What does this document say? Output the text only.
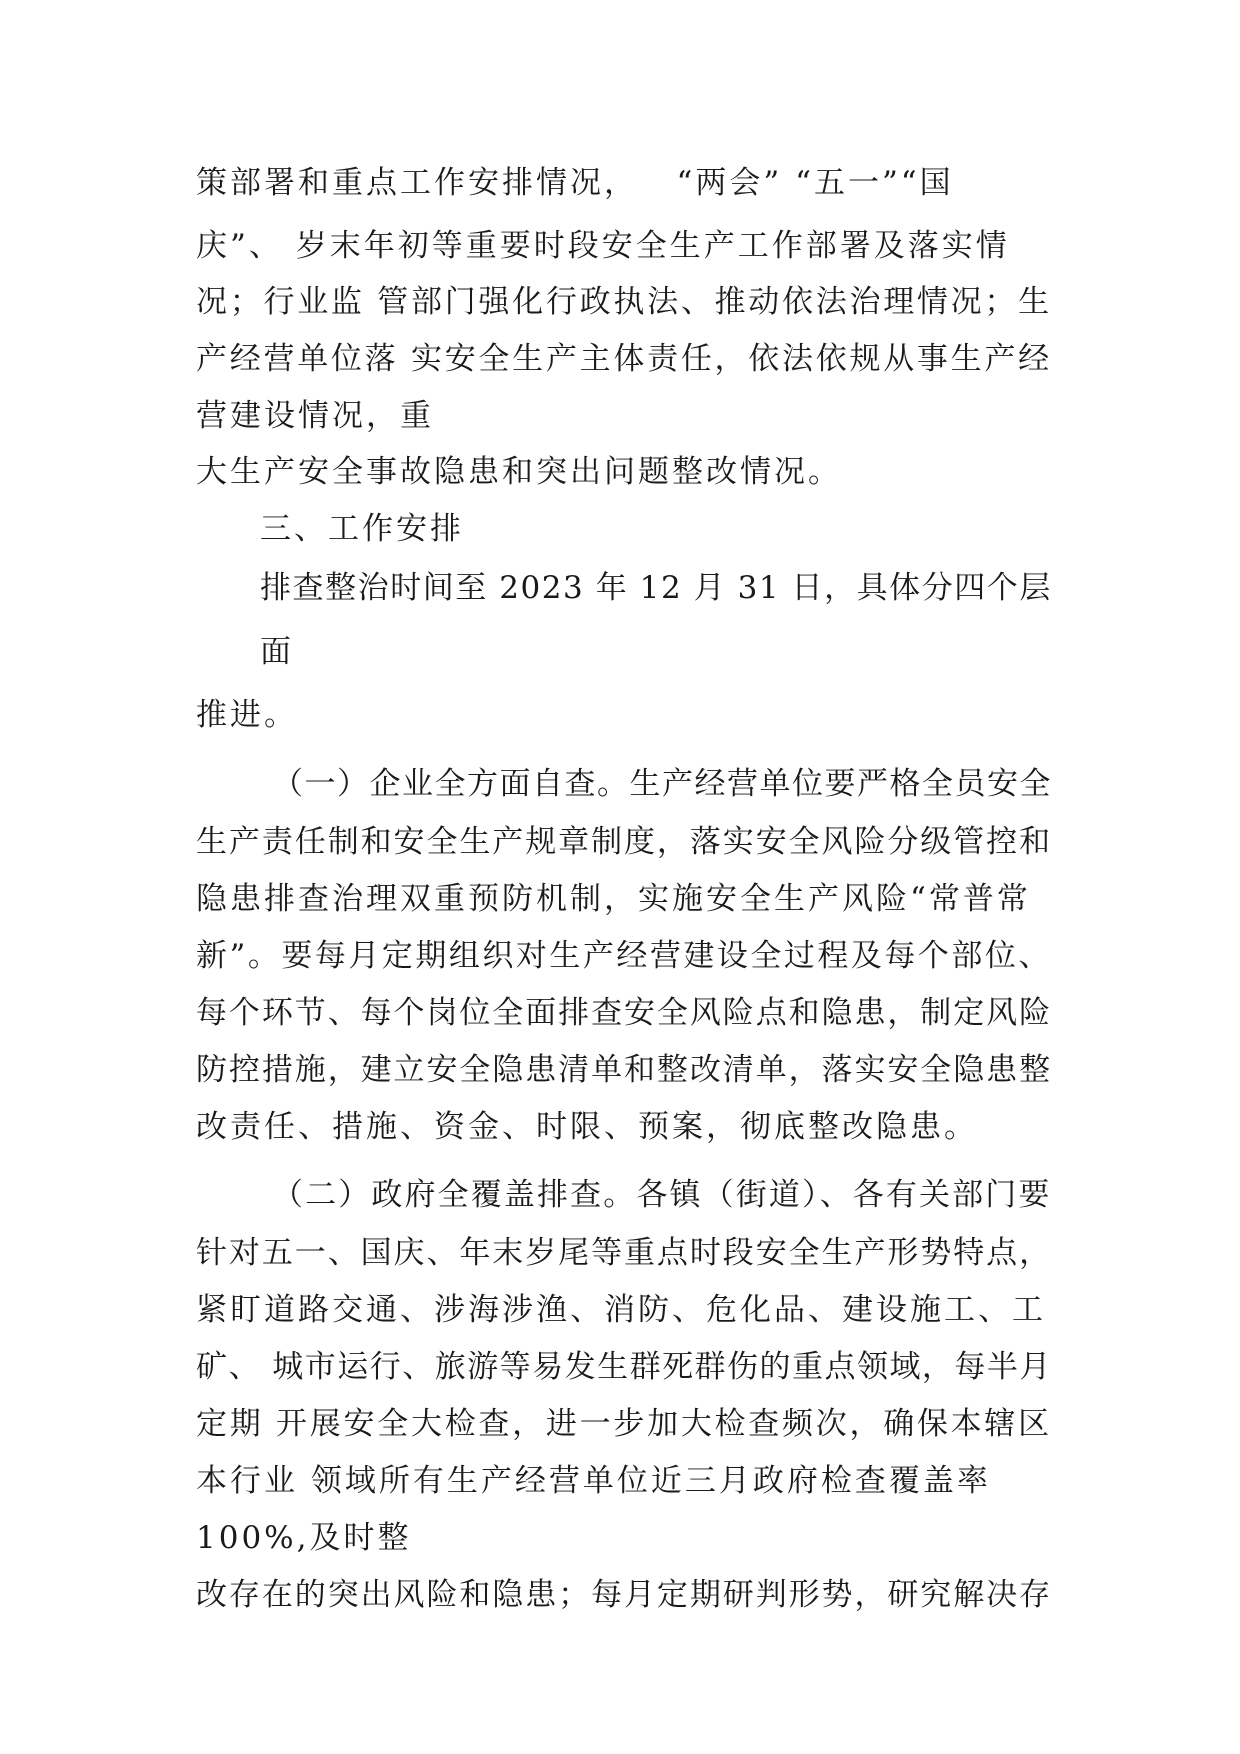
策部署和重点工作安排情况，   “两会” “五一”“国
庆”、 岁末年初等重要时段安全生产工作部署及落实情
况；行业监 管部门强化行政执法、推动依法治理情况；生
产经营单位落 实安全生产主体责任，依法依规从事生产经
营建设情况，重
大生产安全事故隐患和突出问题整改情况。
三、工作安排
排查整治时间至 2023 年 12 月 31 日，具体分四个层
面
推进。
（一）企业全方面自查。生产经营单位要严格全员安全
生产责任制和安全生产规章制度，落实安全风险分级管控和
隐患排查治理双重预防机制，实施安全生产风险“常普常
新”。要每月定期组织对生产经营建设全过程及每个部位、
每个环节、每个岗位全面排查安全风险点和隐患，制定风险
防控措施，建立安全隐患清单和整改清单，落实安全隐患整
改责任、措施、资金、时限、预案，彻底整改隐患。
（二）政府全覆盖排查。各镇（街道）、各有关部门要
针对五一、国庆、年末岁尾等重点时段安全生产形势特点，
紧盯道路交通、涉海涉渔、消防、危化品、建设施工、工
矿、 城市运行、旅游等易发生群死群伤的重点领域，每半月
定期 开展安全大检查，进一步加大检查频次，确保本辖区
本行业 领域所有生产经营单位近三月政府检查覆盖率
100%,及时整
改存在的突出风险和隐患；每月定期研判形势，研究解决存
